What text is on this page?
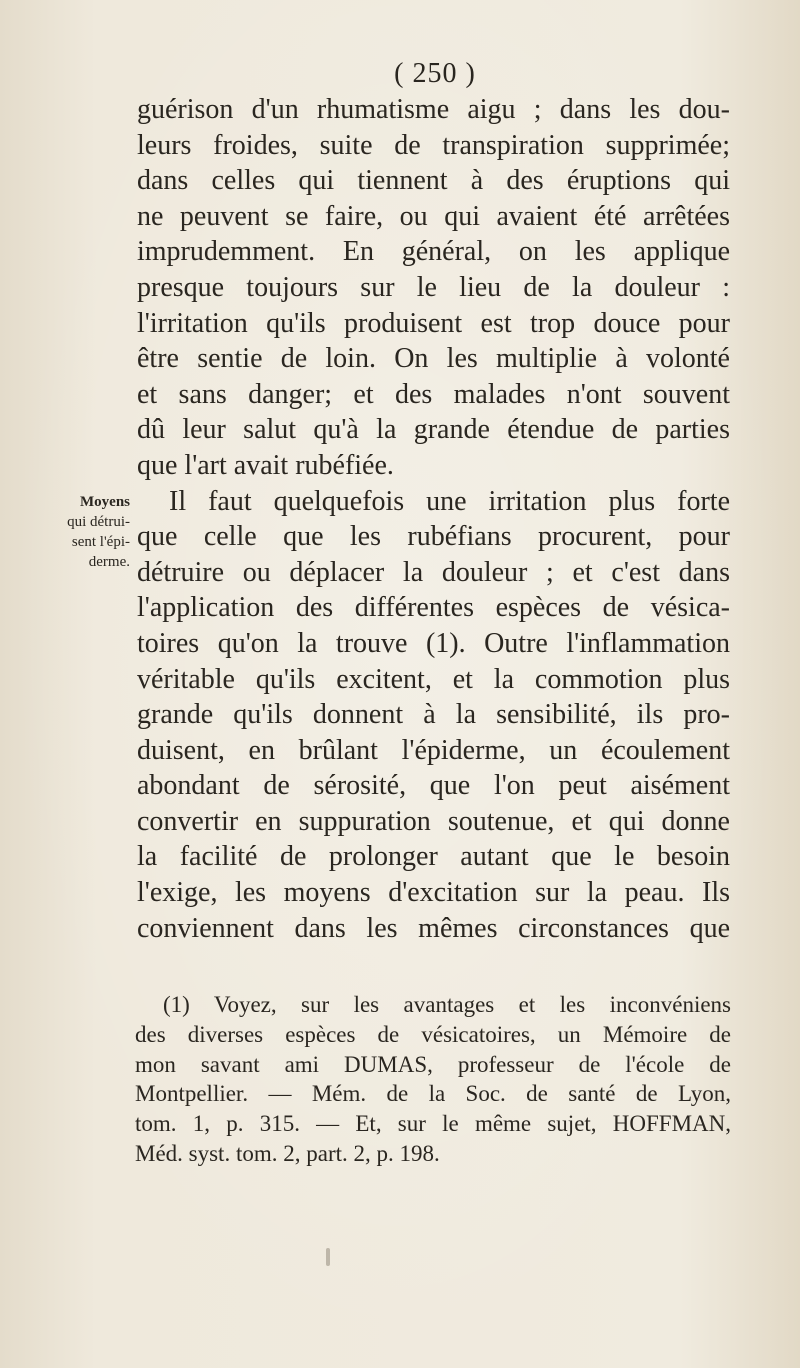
( 250 )
Moyens
qui détrui-
sent l'épi-
derme.
guérison d'un rhumatisme aigu ; dans les dou-
leurs froides, suite de transpiration supprimée;
dans celles qui tiennent à des éruptions qui
ne peuvent se faire, ou qui avaient été arrêtées
imprudemment. En général, on les applique
presque toujours sur le lieu de la douleur :
l'irritation qu'ils produisent est trop douce pour
être sentie de loin. On les multiplie à volonté
et sans danger; et des malades n'ont souvent
dû leur salut qu'à la grande étendue de parties
que l'art avait rubéfiée.
Il faut quelquefois une irritation plus forte
que celle que les rubéfians procurent, pour
détruire ou déplacer la douleur ; et c'est dans
l'application des différentes espèces de vésica-
toires qu'on la trouve (1). Outre l'inflammation
véritable qu'ils excitent, et la commotion plus
grande qu'ils donnent à la sensibilité, ils pro-
duisent, en brûlant l'épiderme, un écoulement
abondant de sérosité, que l'on peut aisément
convertir en suppuration soutenue, et qui donne
la facilité de prolonger autant que le besoin
l'exige, les moyens d'excitation sur la peau. Ils
conviennent dans les mêmes circonstances que
(1) Voyez, sur les avantages et les inconvéniens
des diverses espèces de vésicatoires, un Mémoire de
mon savant ami DUMAS, professeur de l'école de
Montpellier. — Mém. de la Soc. de santé de Lyon,
tom. 1, p. 315. — Et, sur le même sujet, HOFFMAN,
Méd. syst. tom. 2, part. 2, p. 198.
